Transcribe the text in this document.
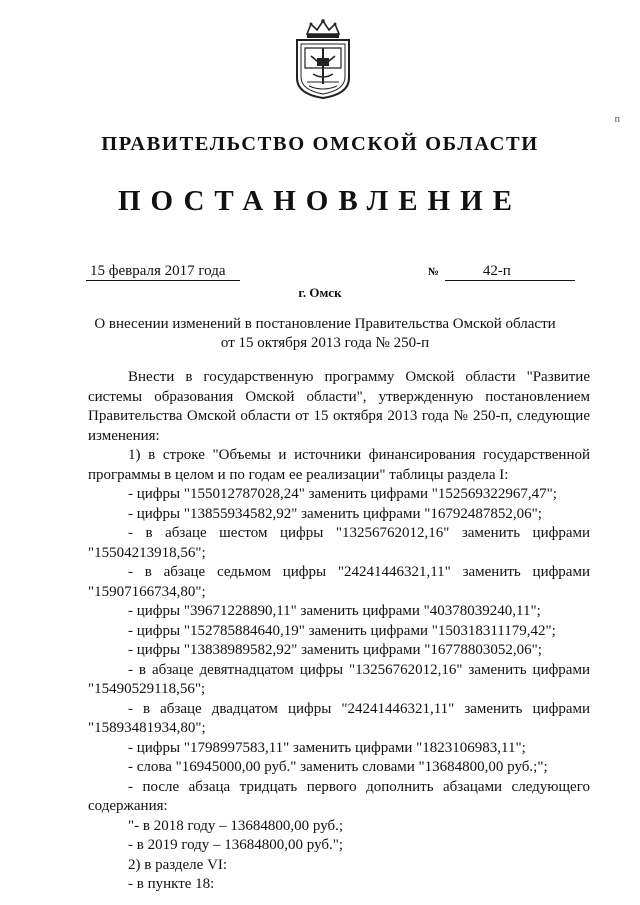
п
ПРАВИТЕЛЬСТВО ОМСКОЙ ОБЛАСТИ
ПОСТАНОВЛЕНИЕ
15 февраля 2017 года	№	42-п
г. Омск
О внесении изменений в постановление Правительства Омской области
от 15 октября 2013 года № 250-п

Внести в государственную программу Омской области "Развитие системы образования Омской области", утвержденную постановлением Правительства Омской области от 15 октября 2013 года № 250-п, следующие изменения:

1) в строке "Объемы и источники финансирования государственной программы в целом и по годам ее реализации" таблицы раздела I:

- цифры "155012787028,24" заменить цифрами "152569322967,47";

- цифры "13855934582,92" заменить цифрами "16792487852,06";

- в абзаце шестом цифры "13256762012,16" заменить цифрами "15504213918,56";

- в абзаце седьмом цифры "24241446321,11" заменить цифрами "15907166734,80";

- цифры "39671228890,11" заменить цифрами "40378039240,11";

- цифры "152785884640,19" заменить цифрами "150318311179,42";

- цифры "13838989582,92" заменить цифрами "16778803052,06";

- в абзаце девятнадцатом цифры "13256762012,16" заменить цифрами "15490529118,56";

- в абзаце двадцатом цифры "24241446321,11" заменить цифрами "15893481934,80";

- цифры "1798997583,11" заменить цифрами "1823106983,11";

- слова "16945000,00 руб." заменить словами "13684800,00 руб.;";

- после абзаца тридцать первого дополнить абзацами следующего содержания:

"- в 2018 году – 13684800,00 руб.;

- в 2019 году – 13684800,00 руб.";

2) в разделе VI:

- в пункте 18:
